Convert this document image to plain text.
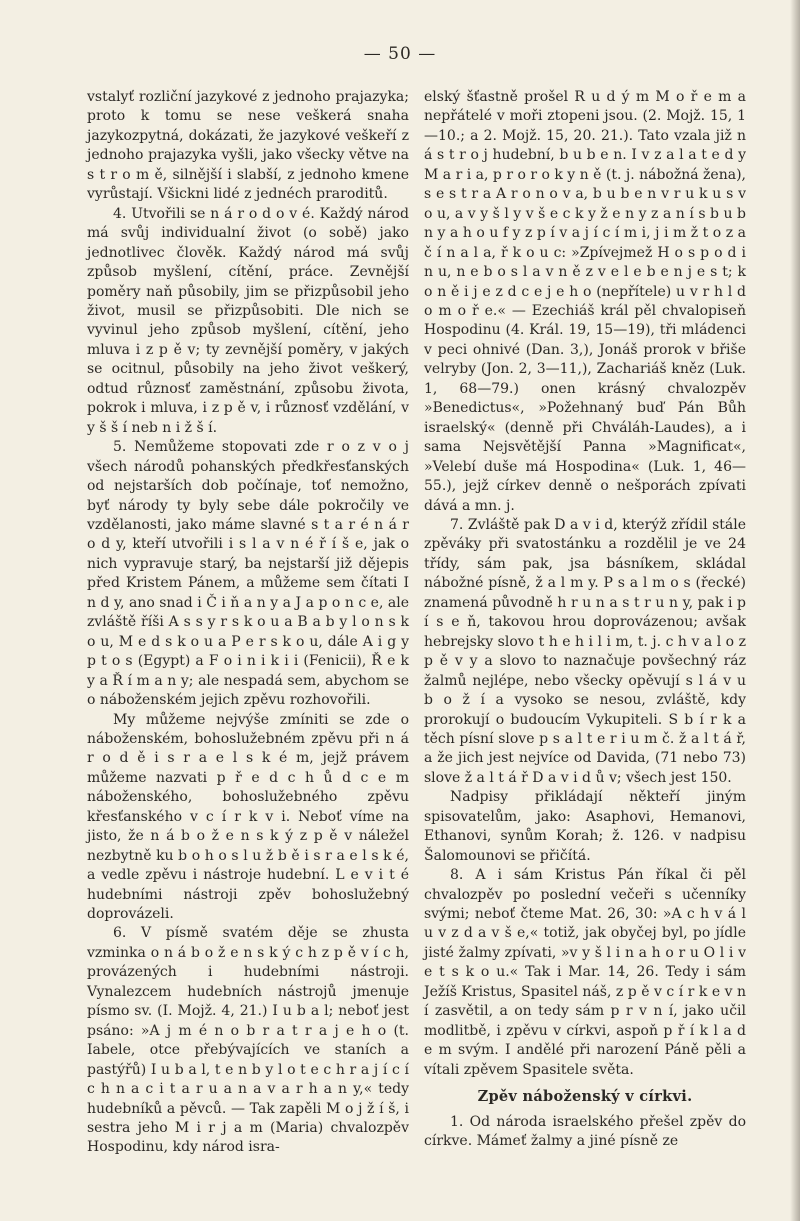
— 50 —

vstalyť rozliční jazykové z jednoho prajazyka; proto k tomu se nese veškerá snaha jazykozpytná, dokázati, že jazykové veškeří z jednoho prajazyka vyšli, jako všecky větve na s t r o m ě, silnější i slabší, z jednoho kmene vyrůstají. Všickni lidé z jednéch praroditů.

4. Utvořili se n á r o d o v é. Každý národ má svůj individualní život (o sobě) jako jednotlivec člověk. Každý národ má svůj způsob myšlení, cítění, práce. Zevnější poměry naň působily, jim se přizpůsobil jeho život, musil se přizpůsobiti. Dle nich se vyvinul jeho způsob myšlení, cítění, jeho mluva i z p ě v; ty zevnější poměry, v jakých se ocitnul, působily na jeho život veškerý, odtud různosť zaměstnání, způsobu života, pokrok i mluva, i z p ě v, i různosť vzdělání, v y š š í neb n i ž š í.

5. Nemůžeme stopovati zde r o z v o j všech národů pohanských předkřesťanských od nejstarších dob počínaje, toť nemožno, byť národy ty byly sebe dále pokročily ve vzdělanosti, jako máme slavné s t a r é n á r o d y, kteří utvořili i s l a v n é ř í š e, jak o nich vypravuje starý, ba nejstarší již dějepis před Kristem Pánem, a můžeme sem čítati I n d y, ano snad i Č i ň a n y a J a p o n c e, ale zvláště říši A s s y r s k o u a B a b y l o n s k o u, M e d s k o u a P e r s k o u, dále A i g y p t o s (Egypt) a F o i n i k i i (Fenicii), Ř e k y a Ř í m a n y; ale nespadá sem, abychom se o náboženském jejich zpěvu rozhovořili.

My můžeme nejvýše zmíniti se zde o náboženském, bohoslužebném zpěvu při n á r o d ě i s r a e l s k é m, jejž právem můžeme nazvati p ř e d c h ů d c e m náboženského, bohoslužebného zpěvu křesťanského v c í r k v i. Neboť víme na jisto, že n á b o ž e n s k ý z p ě v náležel nezbytně ku b o h o s l u ž b ě i s r a e l s k é, a vedle zpěvu i nástroje hudební. L e v i t é hudebními nástroji zpěv bohoslužebný doprovázeli.

6. V písmě svatém děje se zhusta vzminka o n á b o ž e n s k ý c h z p ě v í c h, provázených i hudebními nástroji. Vynalezcem hudebních nástrojů jmenuje písmo sv. (I. Mojž. 4, 21.) I u b a l; neboť jest psáno: »A j m é n o b r a t r a j e h o (t. Iabele, otce přebývajících ve staních a pastýřů) I u b a l, t e n b y l o t e c h r a j í c í c h n a c i t a r u a n a v a r h a n y,« tedy hudebníků a pěvců. — Tak zapěli M o j ž í š, i sestra jeho M i r j a m (Maria) chvalozpěv Hospodinu, kdy národ isra-

elský šťastně prošel R u d ý m M o ř e m a nepřátelé v moři ztopeni jsou. (2. Mojž. 15, 1—10.; a 2. Mojž. 15, 20. 21.). Tato vzala již n á s t r o j hudební, b u b e n. I v z a l a t e d y M a r i a, p r o r o k y n ě (t. j. nábožná žena), s e s t r a A r o n o v a, b u b e n v r u k u s v o u, a v y š l y v š e c k y ž e n y z a n í s b u b n y a h o u f y z p í v a j í c í m i, j i m ž t o z a č í n a l a, ř k o u c: »Zpívejmež H o s p o d i n u, n e b o s l a v n ě z v e l e b e n j e s t; k o n ě i j e z d c e j e h o (nepřítele) u v r h l d o m o ř e.« — Ezechiáš král pěl chvalopiseň Hospodinu (4. Král. 19, 15—19), tři mládenci v peci ohnivé (Dan. 3,), Jonáš prorok v břiše velryby (Jon. 2, 3—11,), Zachariáš kněz (Luk. 1, 68—79.) onen krásný chvalozpěv »Benedictus«, »Požehnaný buď Pán Bůh israelský« (denně při Chváláh-Laudes), a i sama Nejsvětější Panna »Magnificat«, »Velebí duše má Hospodina« (Luk. 1, 46—55.), jejž církev denně o nešporách zpívati dává a mn. j.

7. Zvláště pak D a v i d, kterýž zřídil stále zpěváky při svatostánku a rozdělil je ve 24 třídy, sám pak, jsa básníkem, skládal nábožné písně, ž a l m y. P s a l m o s (řecké) znamená původně h r u n a s t r u n y, pak i p í s e ň, takovou hrou doprovázenou; avšak hebrejsky slovo t h e h i l i m, t. j. c h v a l o z p ě v y a slovo to naznačuje povšechný ráz žalmů nejlépe, nebo všecky opěvují s l á v u b o ž í a vysoko se nesou, zvláště, kdy prorokují o budoucím Vykupiteli. S b í r k a těch písní slove p s a l t e r i u m č. ž a l t á ř, a že jich jest nejvíce od Davida, (71 nebo 73) slove ž a l t á ř D a v i d ů v; všech jest 150.

Nadpisy přikládají někteří jiným spisovatelům, jako: Asaphovi, Hemanovi, Ethanovi, synům Korah; ž. 126. v nadpisu Šalomounovi se přičítá.

8. A i sám Kristus Pán říkal či pěl chvalozpěv po poslední večeři s učenníky svými; neboť čteme Mat. 26, 30: »A c h v á l u v z d a v š e,« totiž, jak obyčej byl, po jídle jisté žalmy zpívati, »v y š l i n a h o r u O l i v e t s k o u.« Tak i Mar. 14, 26. Tedy i sám Ježíš Kristus, Spasitel náš, z p ě v c í r k e v n í zasvětil, a on tedy sám p r v n í, jako učil modlitbě, i zpěvu v církvi, aspoň p ř í k l a d e m svým. I andělé při narození Páně pěli a vítali zpěvem Spasitele světa.

Zpěv náboženský v církvi.

1. Od národa israelského přešel zpěv do církve. Mámeť žalmy a jiné písně ze
